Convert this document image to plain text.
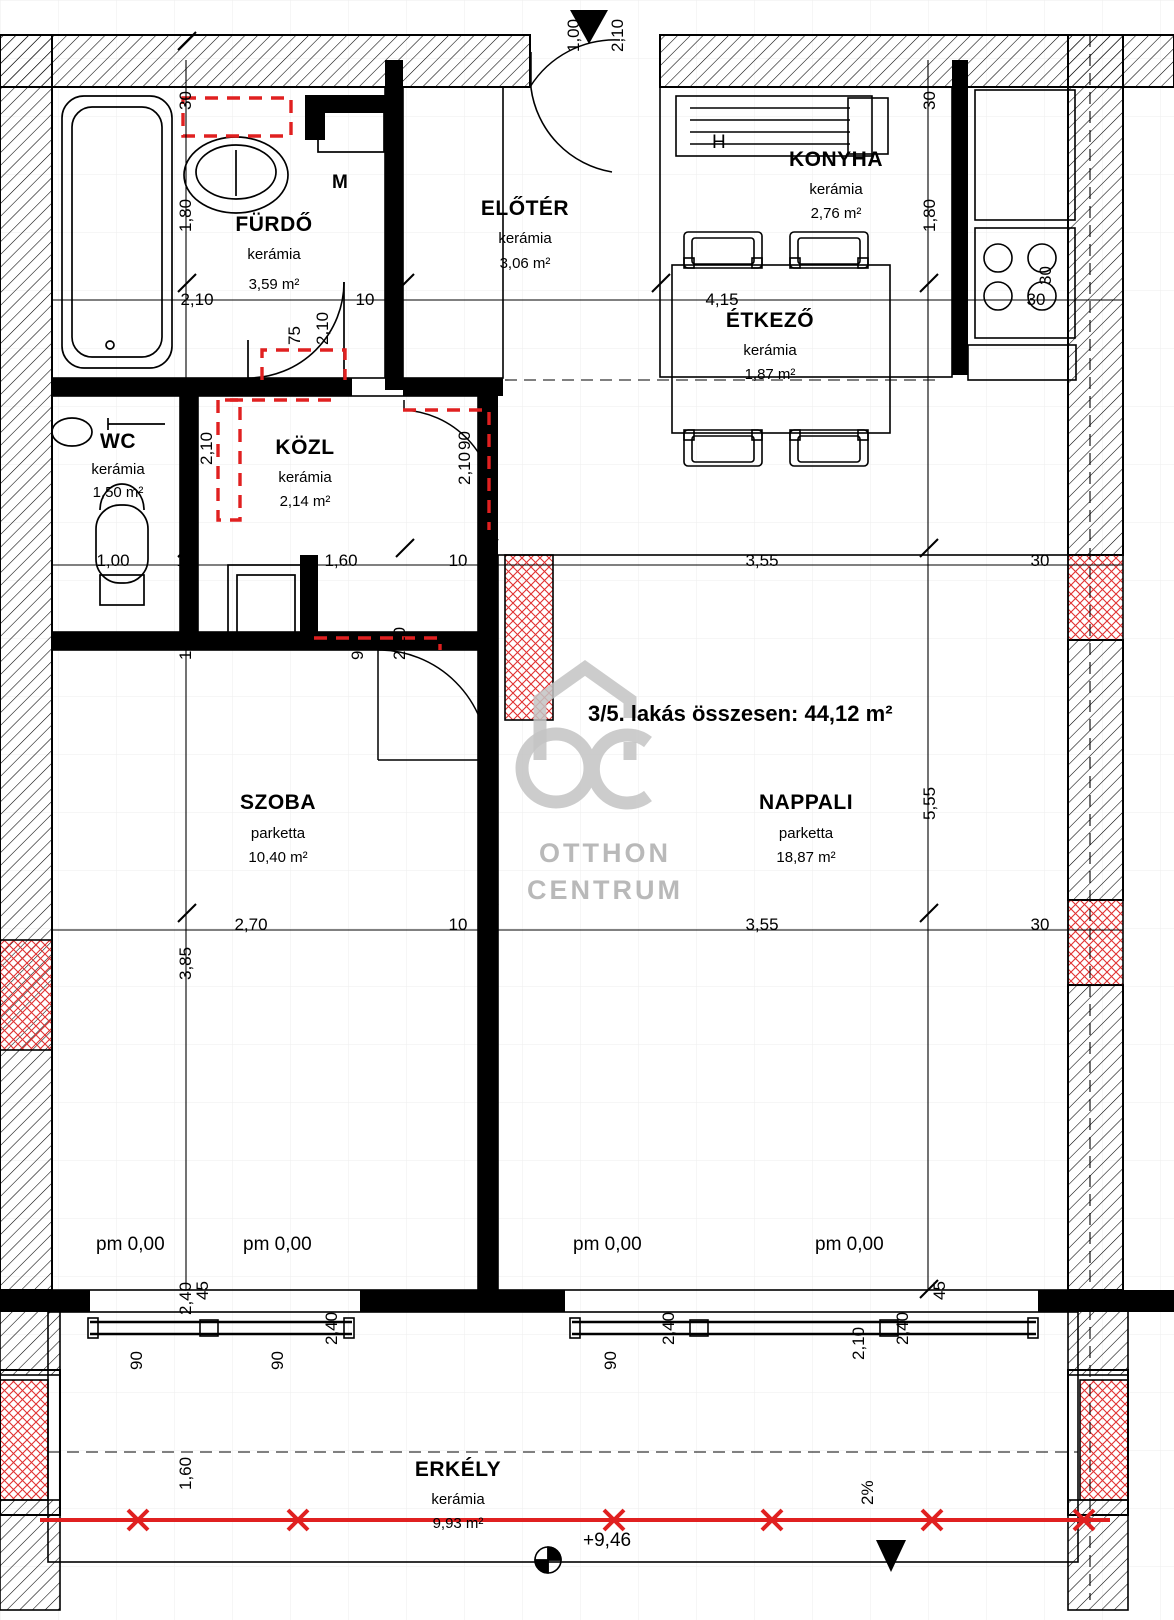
FÜRDŐ
kerámia
3,59 m²
WC
kerámia
1,50 m²
KÖZL
kerámia
2,14 m²
ELŐTÉR
kerámia
3,06 m²
KONYHA
kerámia
2,76 m²
ÉTKEZŐ
kerámia
1,87 m²
SZOBA
parketta
10,40 m²
NAPPALI
parketta
18,87 m²
ERKÉLY
kerámia
9,93 m²
3/5. lakás összesen: 44,12 m²
H
M
+9,46
2%
pm 0,00	pm 0,00	pm 0,00	pm 0,00
1,00 2,10
OTTHON
CENTRUM
2,10	10	4,15	30
1,00	10	1,60	10	3,55	30
2,70	10	3,55	30
30
1,80
75 2,10
10
75
2,10
1,50
90
2,10
30
1,80
30
10	90 2,10
3,85
5,55
90
2,40
45
1,60
90
2,40
90
2,40	2,10 2,40
45
